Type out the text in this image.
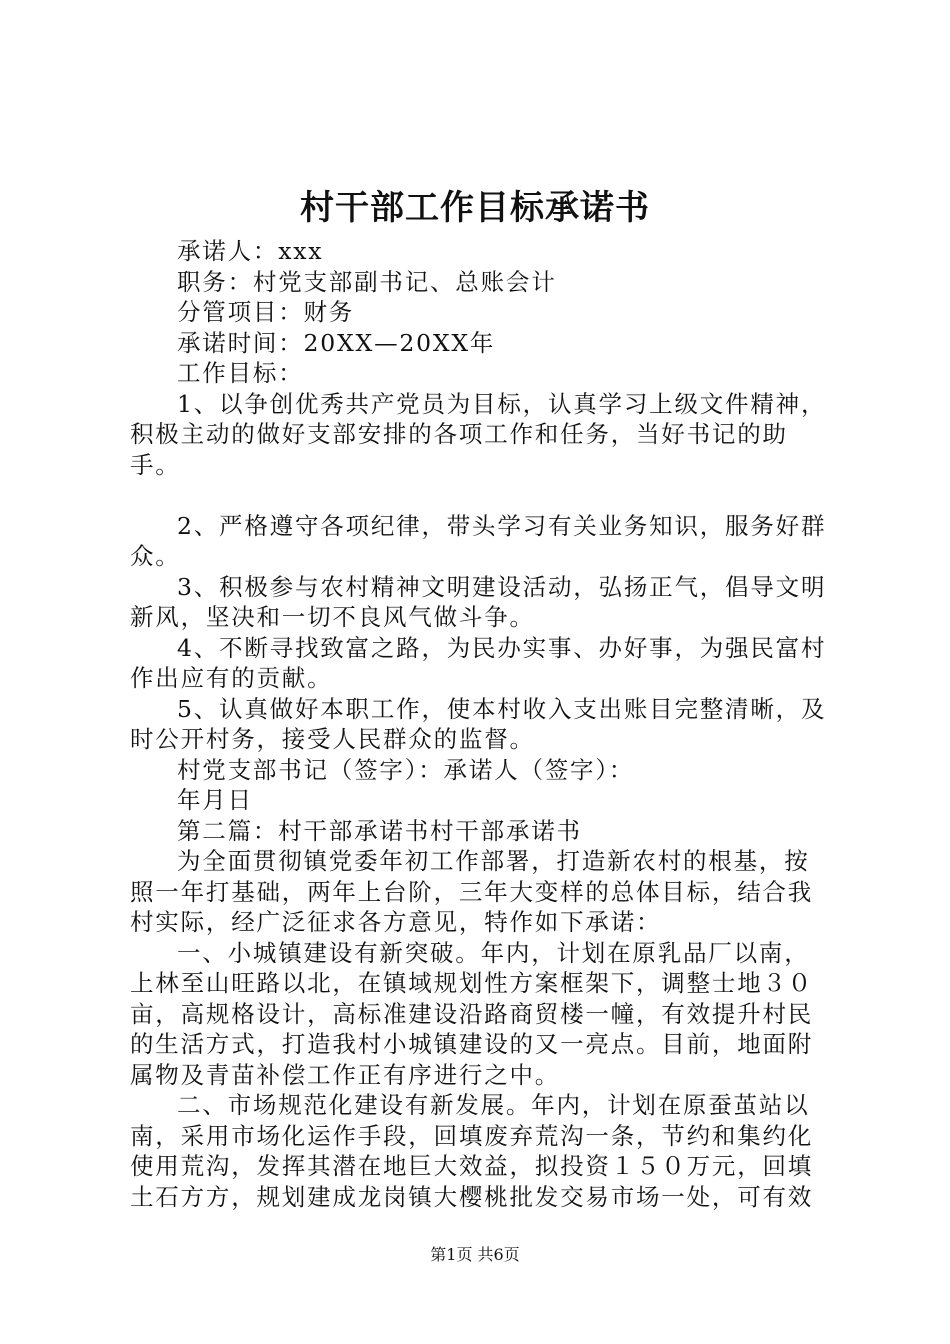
村干部工作目标承诺书

承诺人：xxx

职务：村党支部副书记、总账会计

分管项目：财务

承诺时间：20XX—20XX年

工作目标：

1、以争创优秀共产党员为目标，认真学习上级文件精神，积极主动的做好支部安排的各项工作和任务，当好书记的助手。

2、严格遵守各项纪律，带头学习有关业务知识，服务好群众。

3、积极参与农村精神文明建设活动，弘扬正气，倡导文明新风，坚决和一切不良风气做斗争。

4、不断寻找致富之路，为民办实事、办好事，为强民富村作出应有的贡献。

5、认真做好本职工作，使本村收入支出账目完整清晰，及时公开村务，接受人民群众的监督。

村党支部书记（签字）：承诺人（签字）：

年月日

第二篇：村干部承诺书村干部承诺书

为全面贯彻镇党委年初工作部署，打造新农村的根基，按照一年打基础，两年上台阶，三年大变样的总体目标，结合我村实际，经广泛征求各方意见，特作如下承诺：

一、小城镇建设有新突破。年内，计划在原乳品厂以南，上林至山旺路以北，在镇域规划性方案框架下，调整士地３０亩，高规格设计，高标准建设沿路商贸楼一幢，有效提升村民的生活方式，打造我村小城镇建设的又一亮点。目前，地面附属物及青苗补偿工作正有序进行之中。

二、市场规范化建设有新发展。年内，计划在原蚕茧站以南，采用市场化运作手段，回填废弃荒沟一条，节约和集约化使用荒沟，发挥其潜在地巨大效益，拟投资１５０万元，回填土石方方，规划建成龙岗镇大樱桃批发交易市场一处，可有效

第1页 共6页
